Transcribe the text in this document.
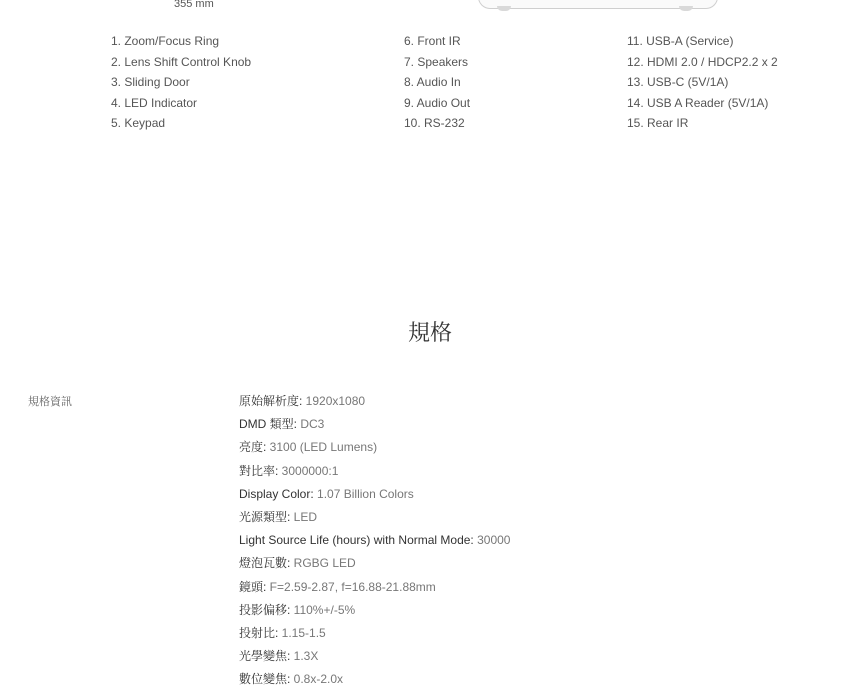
355 mm
1. Zoom/Focus Ring
2. Lens Shift Control Knob
3. Sliding Door
4. LED Indicator
5. Keypad
6. Front IR
7. Speakers
8. Audio In
9. Audio Out
10. RS-232
11. USB-A (Service)
12. HDMI 2.0 / HDCP2.2 x 2
13. USB-C (5V/1A)
14. USB A Reader (5V/1A)
15. Rear IR
規格
規格資訊	原始解析度: 1920x1080
DMD 類型: DC3
亮度: 3100 (LED Lumens)
對比率: 3000000:1
Display Color: 1.07 Billion Colors
光源類型: LED
Light Source Life (hours) with Normal Mode: 30000
燈泡瓦數: RGBG LED
鏡頭: F=2.59-2.87, f=16.88-21.88mm
投影偏移: 110%+/-5%
投射比: 1.15-1.5
光學變焦: 1.3X
數位變焦: 0.8x-2.0x
